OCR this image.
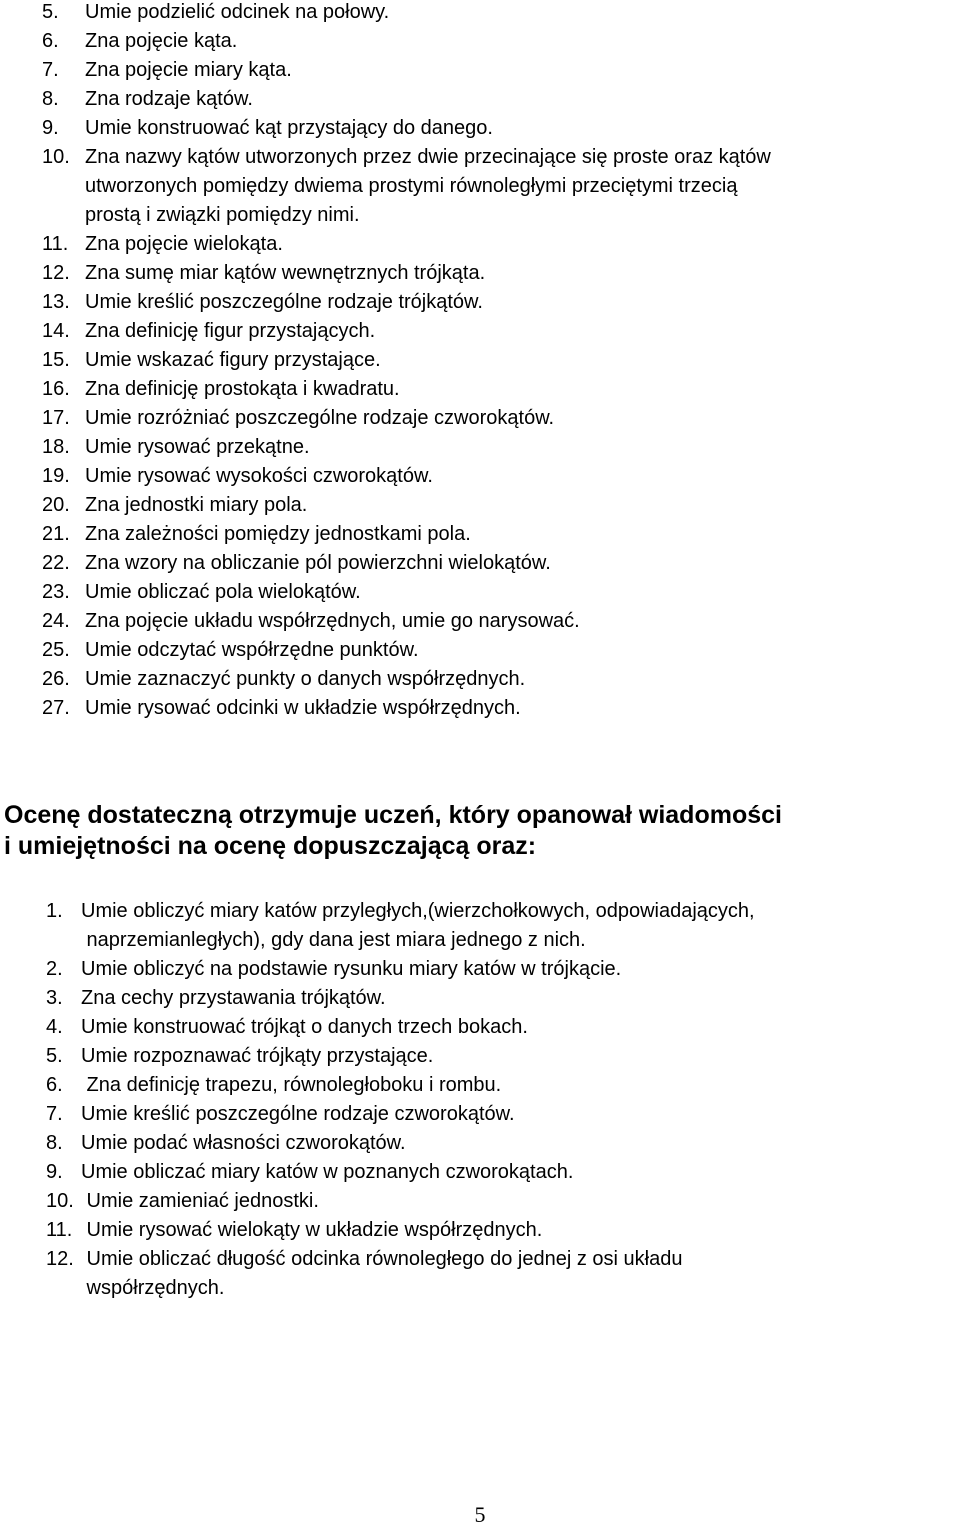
5. Umie podzielić odcinek na połowy.
6. Zna pojęcie kąta.
7. Zna pojęcie miary kąta.
8. Zna rodzaje kątów.
9. Umie konstruować kąt przystający do danego.
10. Zna nazwy kątów utworzonych przez dwie przecinające się proste oraz kątów
utworzonych pomiędzy dwiema prostymi równoległymi przeciętymi trzecią
prostą i związki pomiędzy nimi.
11. Zna pojęcie wielokąta.
12. Zna sumę miar kątów wewnętrznych trójkąta.
13. Umie kreślić poszczególne rodzaje trójkątów.
14. Zna definicję figur przystających.
15. Umie wskazać figury przystające.
16. Zna definicję prostokąta i kwadratu.
17. Umie rozróżniać poszczególne rodzaje czworokątów.
18. Umie rysować przekątne.
19. Umie rysować wysokości czworokątów.
20. Zna jednostki miary pola.
21. Zna zależności pomiędzy jednostkami pola.
22. Zna wzory na obliczanie pól powierzchni wielokątów.
23. Umie obliczać pola wielokątów.
24. Zna pojęcie układu współrzędnych, umie go narysować.
25. Umie odczytać współrzędne punktów.
26. Umie zaznaczyć punkty o danych współrzędnych.
27. Umie rysować odcinki w układzie współrzędnych.
Ocenę dostateczną otrzymuje uczeń, który opanował wiadomości
i umiejętności na ocenę dopuszczającą oraz:
1. Umie obliczyć miary katów przyległych,(wierzchołkowych, odpowiadających,
naprzemianległych), gdy dana jest miara jednego z nich.
2. Umie obliczyć na podstawie rysunku miary katów w trójkącie.
3. Zna cechy przystawania trójkątów.
4. Umie konstruować trójkąt o danych trzech bokach.
5. Umie rozpoznawać trójkąty przystające.
6. Zna definicję trapezu, równoległoboku i rombu.
7. Umie kreślić poszczególne rodzaje czworokątów.
8. Umie podać własności czworokątów.
9. Umie obliczać miary katów w poznanych czworokątach.
10. Umie zamieniać jednostki.
11. Umie rysować wielokąty w układzie współrzędnych.
12. Umie obliczać długość odcinka równoległego do jednej z osi układu
współrzędnych.
5
